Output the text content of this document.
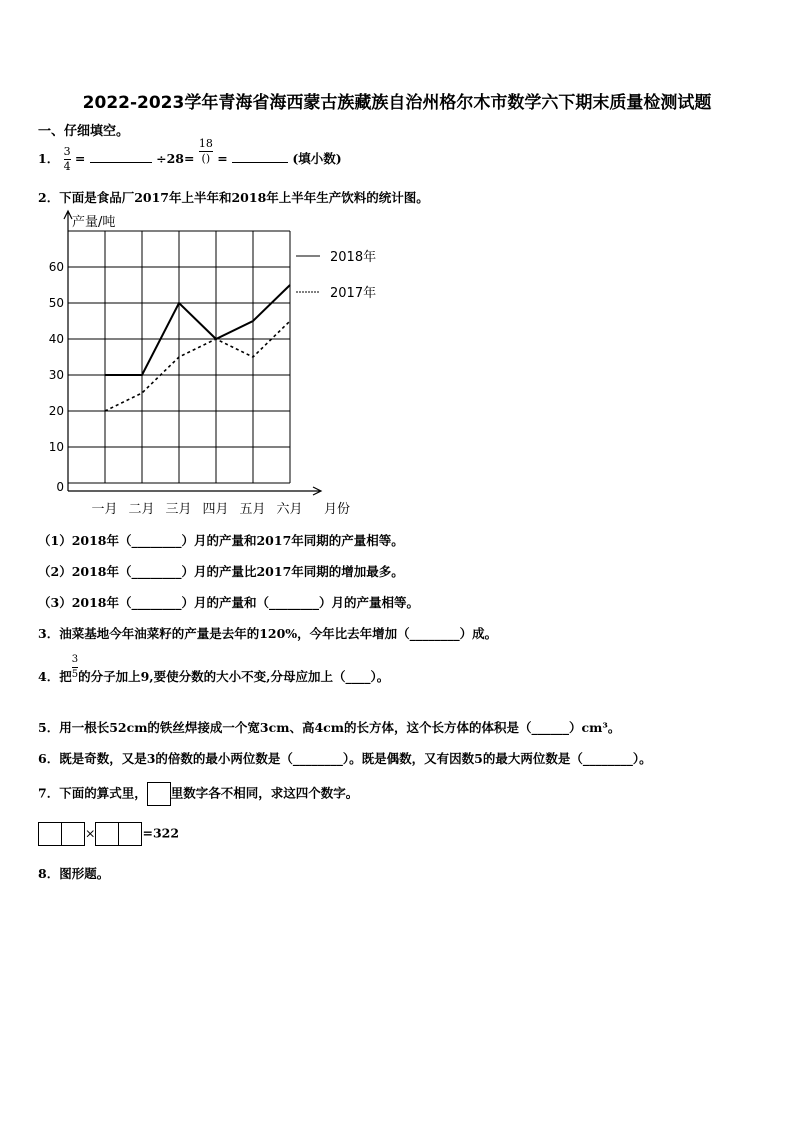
2022-2023学年青海省海西蒙古族藏族自治州格尔木市数学六下期末质量检测试题
一、仔细填空。
1． $\frac{3}{4}$ =	$\div 28= \frac{18}{()}$ =	(填小数)
2．下面是食品厂2017年上半年和2018年上半年生产饮料的统计图。
产量/吨
0
10
20
30
40
50
60
一月 二月 三月 四月 五月 六月 月份
2018年
2017年
（1）2018年（________）月的产量和2017年同期的产量相等。
（2）2018年（________）月的产量比2017年同期的增加最多。
（3）2018年（________）月的产量和（________）月的产量相等。
3．油菜基地今年油菜籽的产量是去年的120%，今年比去年增加（________）成。
4．把 $\frac{3}{5}$ 的分子加上9,要使分数的大小不变,分母应加上（____）。
5．用一根长52cm的铁丝焊接成一个宽3cm、高4cm的长方体，这个长方体的体积是（______）cm³。
6．既是奇数，又是3的倍数的最小两位数是（________）。既是偶数，又有因数5的最大两位数是（________）。
7．下面的算式里， 里数字各不相同，求这四个数字。
×	=322
8．图形题。
